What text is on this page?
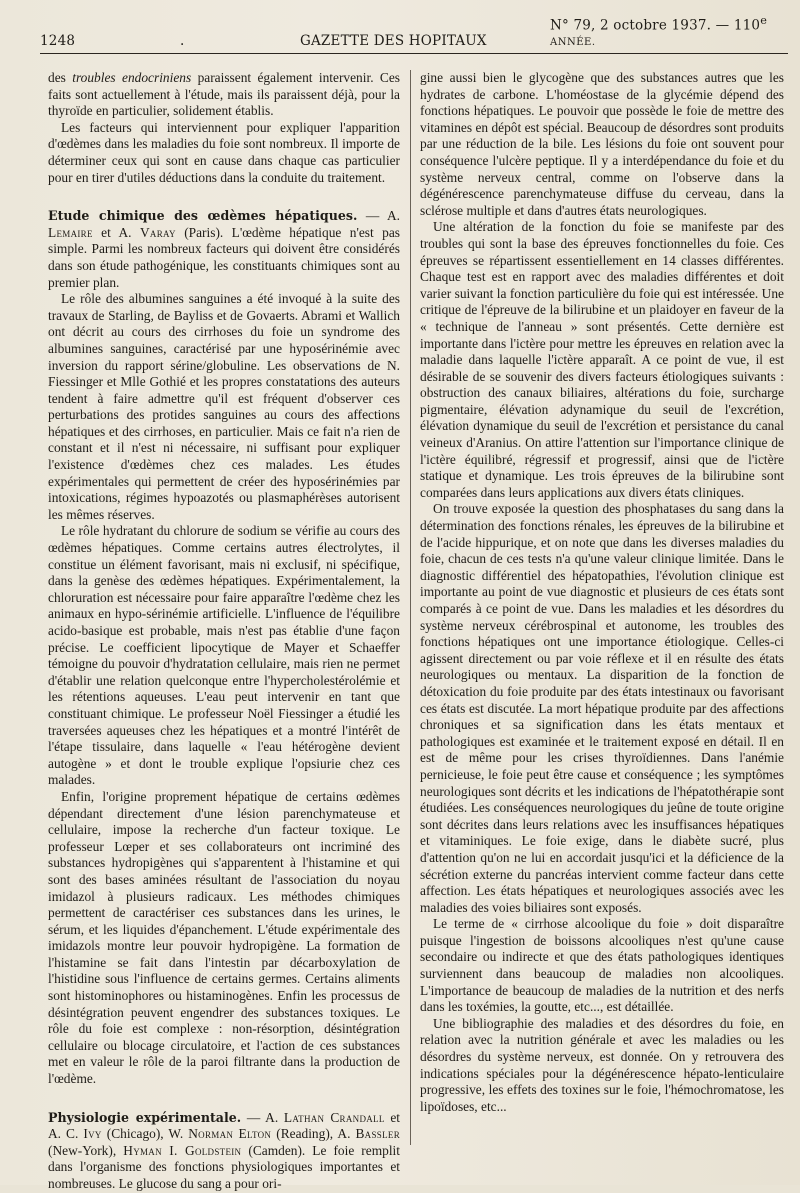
1248	.	GAZETTE DES HOPITAUX
N° 79, 2 octobre 1937. — 110e ANNÉE.

des troubles endocriniens paraissent également intervenir. Ces faits sont actuellement à l'étude, mais ils paraissent déjà, pour la thyroïde en particulier, solidement établis.

Les facteurs qui interviennent pour expliquer l'apparition d'œdèmes dans les maladies du foie sont nombreux. Il importe de déterminer ceux qui sont en cause dans chaque cas particulier pour en tirer d'utiles déductions dans la conduite du traitement.

Etude chimique des œdèmes hépatiques. — A. Lemaire et A. Varay (Paris). L'œdème hépatique n'est pas simple. Parmi les nombreux facteurs qui doivent être considérés dans son étude pathogénique, les constituants chimiques sont au premier plan.

Le rôle des albumines sanguines a été invoqué à la suite des travaux de Starling, de Bayliss et de Govaerts. Abrami et Wallich ont décrit au cours des cirrhoses du foie un syndrome des albumines sanguines, caractérisé par une hyposérinémie avec inversion du rapport sérine/globuline. Les observations de N. Fiessinger et Mlle Gothié et les propres constatations des auteurs tendent à faire admettre qu'il est fréquent d'observer ces perturbations des protides sanguines au cours des affections hépatiques et des cirrhoses, en particulier. Mais ce fait n'a rien de constant et il n'est ni nécessaire, ni suffisant pour expliquer l'existence d'œdèmes chez ces malades. Les études expérimentales qui permettent de créer des hyposérinémies par intoxications, régimes hypoazotés ou plasmaphérèses autorisent les mêmes réserves.

Le rôle hydratant du chlorure de sodium se vérifie au cours des œdèmes hépatiques. Comme certains autres électrolytes, il constitue un élément favorisant, mais ni exclusif, ni spécifique, dans la genèse des œdèmes hépatiques. Expérimentalement, la chloruration est nécessaire pour faire apparaître l'œdème chez les animaux en hypo-sérinémie artificielle. L'influence de l'équilibre acido-basique est probable, mais n'est pas établie d'une façon précise. Le coefficient lipocytique de Mayer et Schaeffer témoigne du pouvoir d'hydratation cellulaire, mais rien ne permet d'établir une relation quelconque entre l'hypercholestérolémie et les rétentions aqueuses. L'eau peut intervenir en tant que constituant chimique. Le professeur Noël Fiessinger a étudié les traversées aqueuses chez les hépatiques et a montré l'intérêt de l'étape tissulaire, dans laquelle « l'eau hétérogène devient autogène » et dont le trouble explique l'opsiurie chez ces malades.

Enfin, l'origine proprement hépatique de certains œdèmes dépendant directement d'une lésion parenchymateuse et cellulaire, impose la recherche d'un facteur toxique. Le professeur Lœper et ses collaborateurs ont incriminé des substances hydropigènes qui s'apparentent à l'histamine et qui sont des bases aminées résultant de l'association du noyau imidazol à plusieurs radicaux. Les méthodes chimiques permettent de caractériser ces substances dans les urines, le sérum, et les liquides d'épanchement. L'étude expérimentale des imidazols montre leur pouvoir hydropigène. La formation de l'histamine se fait dans l'intestin par décarboxylation de l'histidine sous l'influence de certains germes. Certains aliments sont histominophores ou histaminogènes. Enfin les processus de désintégration peuvent engendrer des substances toxiques. Le rôle du foie est complexe : non-résorption, désintégration cellulaire ou blocage circulatoire, et l'action de ces substances met en valeur le rôle de la paroi filtrante dans la production de l'œdème.

Physiologie expérimentale. — A. Lathan Crandall et A. C. Ivy (Chicago), W. Norman Elton (Reading), A. Bassler (New-York), Hyman I. Goldstein (Camden). Le foie remplit dans l'organisme des fonctions physiologiques importantes et nombreuses. Le glucose du sang a pour ori-

gine aussi bien le glycogène que des substances autres que les hydrates de carbone. L'homéostase de la glycémie dépend des fonctions hépatiques. Le pouvoir que possède le foie de mettre des vitamines en dépôt est spécial. Beaucoup de désordres sont produits par une réduction de la bile. Les lésions du foie ont souvent pour conséquence l'ulcère peptique. Il y a interdépendance du foie et du système nerveux central, comme on l'observe dans la dégénérescence parenchymateuse diffuse du cerveau, dans la sclérose multiple et dans d'autres états neurologiques.

Une altération de la fonction du foie se manifeste par des troubles qui sont la base des épreuves fonctionnelles du foie. Ces épreuves se répartissent essentiellement en 14 classes différentes. Chaque test est en rapport avec des maladies différentes et doit varier suivant la fonction particulière du foie qui est intéressée. Une critique de l'épreuve de la bilirubine et un plaidoyer en faveur de la « technique de l'anneau » sont présentés. Cette dernière est importante dans l'ictère pour mettre les épreuves en relation avec la maladie dans laquelle l'ictère apparaît. A ce point de vue, il est désirable de se souvenir des divers facteurs étiologiques suivants : obstruction des canaux biliaires, altérations du foie, surcharge pigmentaire, élévation adynamique du seuil de l'excrétion, élévation dynamique du seuil de l'excrétion et persistance du canal veineux d'Aranius. On attire l'attention sur l'importance clinique de l'ictère équilibré, régressif et progressif, ainsi que de l'ictère statique et dynamique. Les trois épreuves de la bilirubine sont comparées dans leurs applications aux divers états cliniques.

On trouve exposée la question des phosphatases du sang dans la détermination des fonctions rénales, les épreuves de la bilirubine et de l'acide hippurique, et on note que dans les diverses maladies du foie, chacun de ces tests n'a qu'une valeur clinique limitée. Dans le diagnostic différentiel des hépatopathies, l'évolution clinique est importante au point de vue diagnostic et plusieurs de ces états sont comparés à ce point de vue. Dans les maladies et les désordres du système nerveux cérébrospinal et autonome, les troubles des fonctions hépatiques ont une importance étiologique. Celles-ci agissent directement ou par voie réflexe et il en résulte des états neurologiques ou mentaux. La disparition de la fonction de détoxication du foie produite par des états intestinaux ou favorisant ces états est discutée. La mort hépatique produite par des affections chroniques et sa signification dans les états mentaux et pathologiques est examinée et le traitement exposé en détail. Il en est de même pour les crises thyroïdiennes. Dans l'anémie pernicieuse, le foie peut être cause et conséquence ; les symptômes neurologiques sont décrits et les indications de l'hépatothérapie sont étudiées. Les conséquences neurologiques du jeûne de toute origine sont décrites dans leurs relations avec les insuffisances hépatiques et vitaminiques. Le foie exige, dans le diabète sucré, plus d'attention qu'on ne lui en accordait jusqu'ici et la déficience de la sécrétion externe du pancréas intervient comme facteur dans cette affection. Les états hépatiques et neurologiques associés avec les maladies des voies biliaires sont exposés.

Le terme de « cirrhose alcoolique du foie » doit disparaître puisque l'ingestion de boissons alcooliques n'est qu'une cause secondaire ou indirecte et que des états pathologiques identiques surviennent dans beaucoup de maladies non alcooliques. L'importance de beaucoup de maladies de la nutrition et des nerfs dans les toxémies, la goutte, etc..., est détaillée.

Une bibliographie des maladies et des désordres du foie, en relation avec la nutrition générale et avec les maladies ou les désordres du système nerveux, est donnée. On y retrouvera des indications spéciales pour la dégénérescence hépato-lenticulaire progressive, les effets des toxines sur le foie, l'hémochromatose, les lipoïdoses, etc...
